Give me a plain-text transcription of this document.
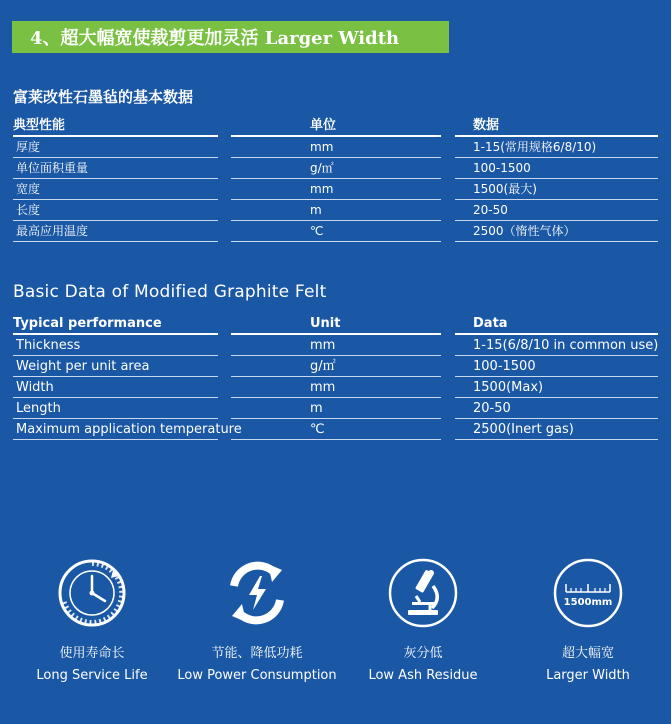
4、超大幅宽使裁剪更加灵活 Larger Width
富莱改性石墨毡的基本数据
典型性能	单位	数据
厚度	mm	1-15(常用规格6/8/10)
单位面积重量	g/㎡	100-1500
宽度	mm	1500(最大)
长度	m	20-50
最高应用温度	℃	2500（惰性气体）
Basic Data of Modified Graphite Felt
Typical performance	Unit	Data
Thickness	mm	1-15(6/8/10 in common use)
Weight per unit area	g/㎡	100-1500
Width	mm	1500(Max)
Length	m	20-50
Maximum application temperature	℃	2500(Inert gas)
使用寿命长
Long Service Life
节能、降低功耗
Low Power Consumption
灰分低
Low Ash Residue
1500mm
超大幅宽
Larger Width
